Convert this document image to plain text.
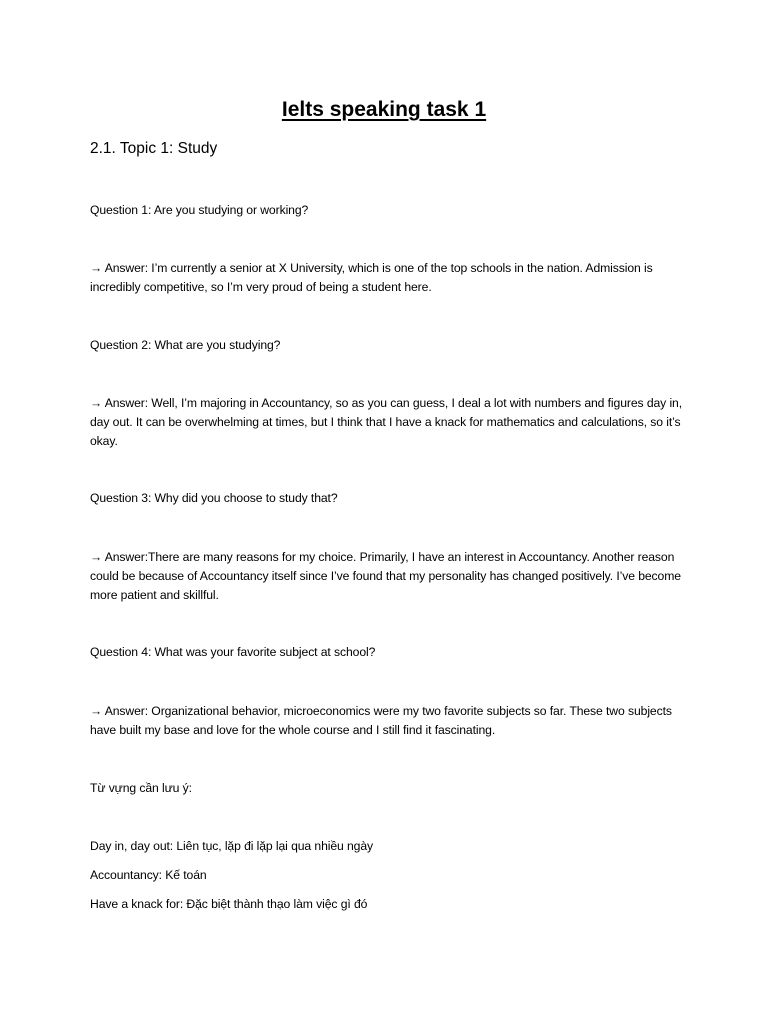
Ielts speaking task 1
2.1. Topic 1: Study

Question 1: Are you studying or working?

→ Answer: I’m currently a senior at X University, which is one of the top schools in the nation. Admission is incredibly competitive, so I’m very proud of being a student here.

Question 2: What are you studying?

→ Answer: Well, I’m majoring in Accountancy, so as you can guess, I deal a lot with numbers and figures day in, day out. It can be overwhelming at times, but I think that I have a knack for mathematics and calculations, so it’s okay.

Question 3: Why did you choose to study that?

→ Answer:There are many reasons for my choice. Primarily, I have an interest in Accountancy. Another reason could be because of Accountancy itself since I’ve found that my personality has changed positively. I’ve become more patient and skillful.

Question 4: What was your favorite subject at school?

→ Answer: Organizational behavior, microeconomics were my two favorite subjects so far. These two subjects have built my base and love for the whole course and I still find it fascinating.

Từ vựng cần lưu ý:

Day in, day out: Liên tục, lặp đi lặp lại qua nhiều ngày

Accountancy: Kế toán

Have a knack for: Đặc biệt thành thạo làm việc gì đó
